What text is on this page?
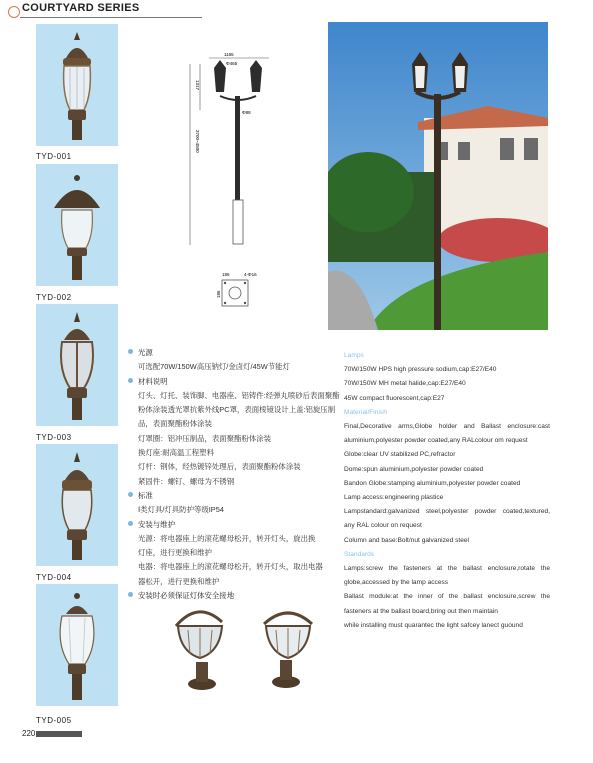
COURTYARD SERIES
TYD-001
TYD-002
TYD-003
TYD-004
TYD-005
1165
Φ465
1317
Φ88
3700~4500
186	4-Φ16
186
光源
可选配70W/150W高压钠灯/金卤灯/45W节能灯
材料说明
灯头、灯托、装饰脚、电器座、铝铸件:经弹丸喷砂后表面聚酯
粉体涂装透光罩抗紫外线PC罩，表面棱镜设计上盖:铝旋压制
品，表面聚酯粉体涂装
灯罩圈：铝冲压制品，表面聚酯粉体涂装
换灯座:耐高温工程塑料
灯杆：钢体，经热镀锌处理后，表面聚酯粉体涂装
紧固件：螺钉、螺母为不锈钢
标准
Ⅰ类灯具/灯具防护等级IP54
安装与维护
光源：将电器座上的滚花螺母松开，转开灯头，旋出换
灯座，进行更换和维护
电器：将电器座上的滚花螺母松开，转开灯头，取出电器
器松开，进行更换和维护
安装时必须保证灯体安全接地
Lamps
70W/150W HPS high pressure sodium,cap:E27/E40
70W/150W MH metal halide,cap:E27/E40
45W compact fluorescent,cap:E27
Material/Finish
Final,Decorative arms,Globe holder and Ballast enclosure:cast
aluminium,polyester powder coated,any RALcolour om request
Globe:clear UV stabilized PC,refractor
Dome:spun aluminium,polyester powder coated
Bandon Globe:stamping aluminium,polyester powder coated
Lamp access:engineering plastice
Lampstandard:galvanized steel,polyester powder coated,textured,
any RAL colour on request
Column and base:Bolt/nut galvanized steel
Standards
Lamps:screw the fasteners at the ballast enclosure,rotate the
globe,accessed by the lamp access
Ballast module:at the inner of the ballast enclosure,screw the
fasteners at the ballast board,bring out then maintain
while installing must quarantec the light safcey lanect guound
220
